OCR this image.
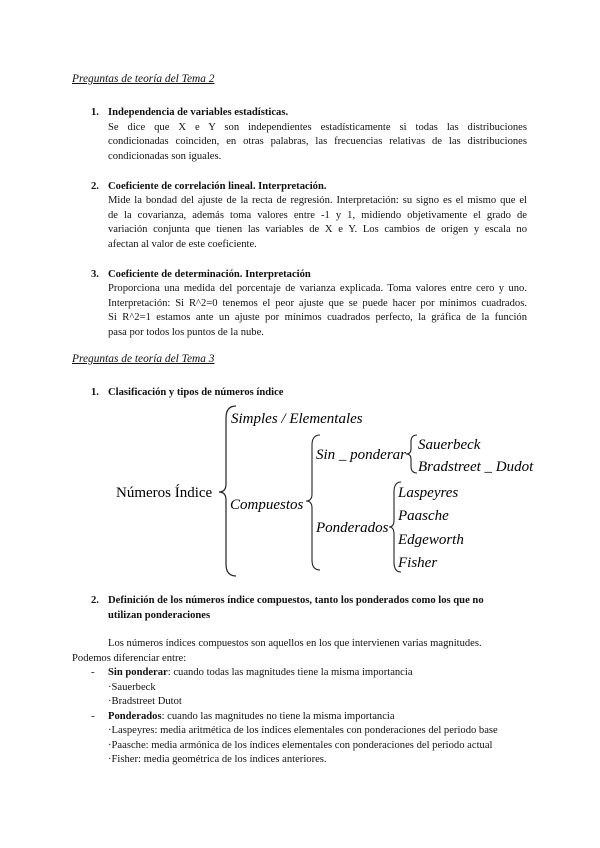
Preguntas de teoría del Tema 2
1. Independencia de variables estadísticas.
Se dice que X e Y son independientes estadísticamente si todas las distribuciones
condicionadas coinciden, en otras palabras, las frecuencias relativas de las distribuciones
condicionadas son iguales.
2. Coeficiente de correlación lineal. Interpretación.
Mide la bondad del ajuste de la recta de regresión. Interpretación: su signo es el mismo que el
de la covarianza, además toma valores entre -1 y 1, midiendo objetivamente el grado de
variación conjunta que tienen las variables de X e Y. Los cambios de origen y escala no
afectan al valor de este coeficiente.
3. Coeficiente de determinación. Interpretación
Proporciona una medida del porcentaje de varianza explicada. Toma valores entre cero y uno.
Interpretación: Si R^2=0 tenemos el peor ajuste que se puede hacer por mínimos cuadrados.
Si R^2=1 estamos ante un ajuste por mínimos cuadrados perfecto, la gráfica de la función
pasa por todos los puntos de la nube.
Preguntas de teoría del Tema 3
1. Clasificación y tipos de números índice
Números Índice
Simples / Elementales
Compuestos
Sin _ ponderar
Sauerbeck
Bradstreet _ Dudot
Ponderados
Laspeyres
Paasche
Edgeworth
Fisher
2. Definición de los números índice compuestos, tanto los ponderados como los que no
utilizan ponderaciones
Los números índices compuestos son aquellos en los que intervienen varias magnitudes.
Podemos diferenciar entre:
- Sin ponderar: cuando todas las magnitudes tiene la misma importancia
·Sauerbeck
·Bradstreet Dutot
- Ponderados: cuando las magnitudes no tiene la misma importancia
·Laspeyres: media aritmética de los índices elementales con ponderaciones del periodo base
·Paasche: media armónica de los índices elementales con ponderaciones del periodo actual
·Fisher: media geométrica de los índices anteriores.
